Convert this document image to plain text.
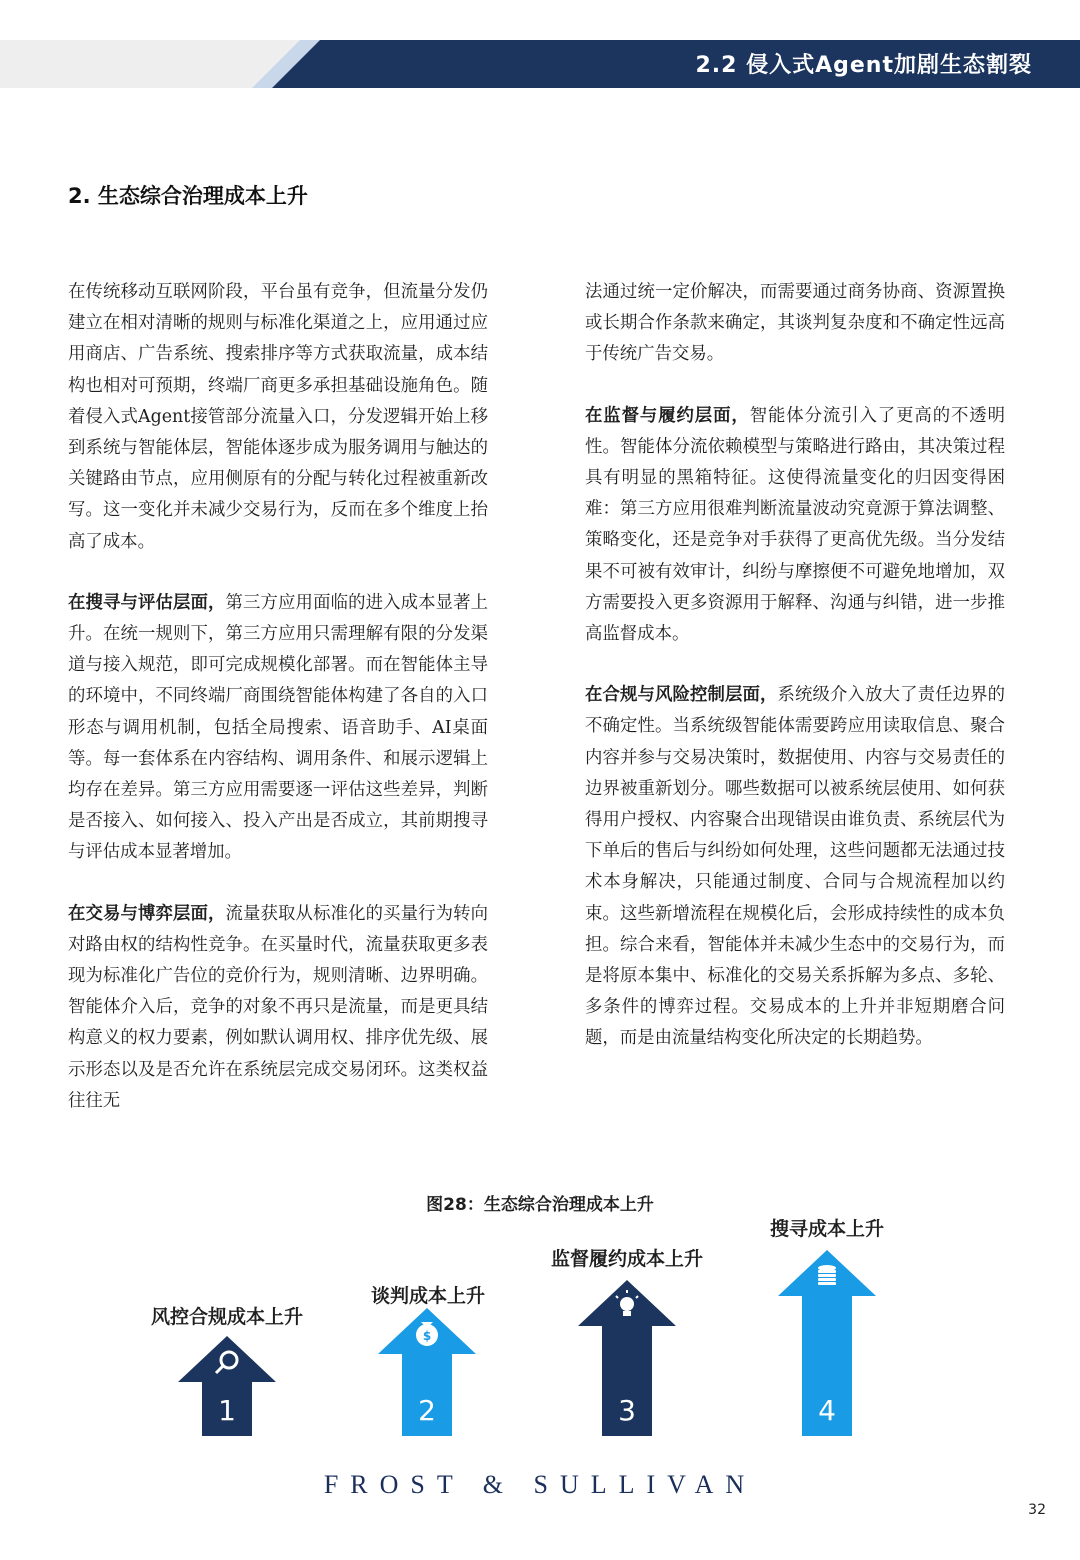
2.2 侵入式Agent加剧生态割裂
2. 生态综合治理成本上升

在传统移动互联网阶段，平台虽有竞争，但流量分发仍建立在相对清晰的规则与标准化渠道之上，应用通过应用商店、广告系统、搜索排序等方式获取流量，成本结构也相对可预期，终端厂商更多承担基础设施角色。随着侵入式Agent接管部分流量入口，分发逻辑开始上移到系统与智能体层，智能体逐步成为服务调用与触达的关键路由节点，应用侧原有的分配与转化过程被重新改写。这一变化并未减少交易行为，反而在多个维度上抬高了成本。

在搜寻与评估层面，第三方应用面临的进入成本显著上升。在统一规则下，第三方应用只需理解有限的分发渠道与接入规范，即可完成规模化部署。而在智能体主导的环境中，不同终端厂商围绕智能体构建了各自的入口形态与调用机制，包括全局搜索、语音助手、AI桌面等。每一套体系在内容结构、调用条件、和展示逻辑上均存在差异。第三方应用需要逐一评估这些差异，判断是否接入、如何接入、投入产出是否成立，其前期搜寻与评估成本显著增加。

在交易与博弈层面，流量获取从标准化的买量行为转向对路由权的结构性竞争。在买量时代，流量获取更多表现为标准化广告位的竞价行为，规则清晰、边界明确。智能体介入后，竞争的对象不再只是流量，而是更具结构意义的权力要素，例如默认调用权、排序优先级、展示形态以及是否允许在系统层完成交易闭环。这类权益往往无

法通过统一定价解决，而需要通过商务协商、资源置换或长期合作条款来确定，其谈判复杂度和不确定性远高于传统广告交易。

在监督与履约层面，智能体分流引入了更高的不透明性。智能体分流依赖模型与策略进行路由，其决策过程具有明显的黑箱特征。这使得流量变化的归因变得困难：第三方应用很难判断流量波动究竟源于算法调整、策略变化，还是竞争对手获得了更高优先级。当分发结果不可被有效审计，纠纷与摩擦便不可避免地增加，双方需要投入更多资源用于解释、沟通与纠错，进一步推高监督成本。

在合规与风险控制层面，系统级介入放大了责任边界的不确定性。当系统级智能体需要跨应用读取信息、聚合内容并参与交易决策时，数据使用、内容与交易责任的边界被重新划分。哪些数据可以被系统层使用、如何获得用户授权、内容聚合出现错误由谁负责、系统层代为下单后的售后与纠纷如何处理，这些问题都无法通过技术本身解决，只能通过制度、合同与合规流程加以约束。这些新增流程在规模化后，会形成持续性的成本负担。综合来看，智能体并未减少生态中的交易行为，而是将原本集中、标准化的交易关系拆解为多点、多轮、多条件的博弈过程。交易成本的上升并非短期磨合问题，而是由流量结构变化所决定的长期趋势。

图28：生态综合治理成本上升
风控合规成本上升
谈判成本上升
监督履约成本上升
搜寻成本上升
1
$
2	3	4
FROST & SULLIVAN
32
